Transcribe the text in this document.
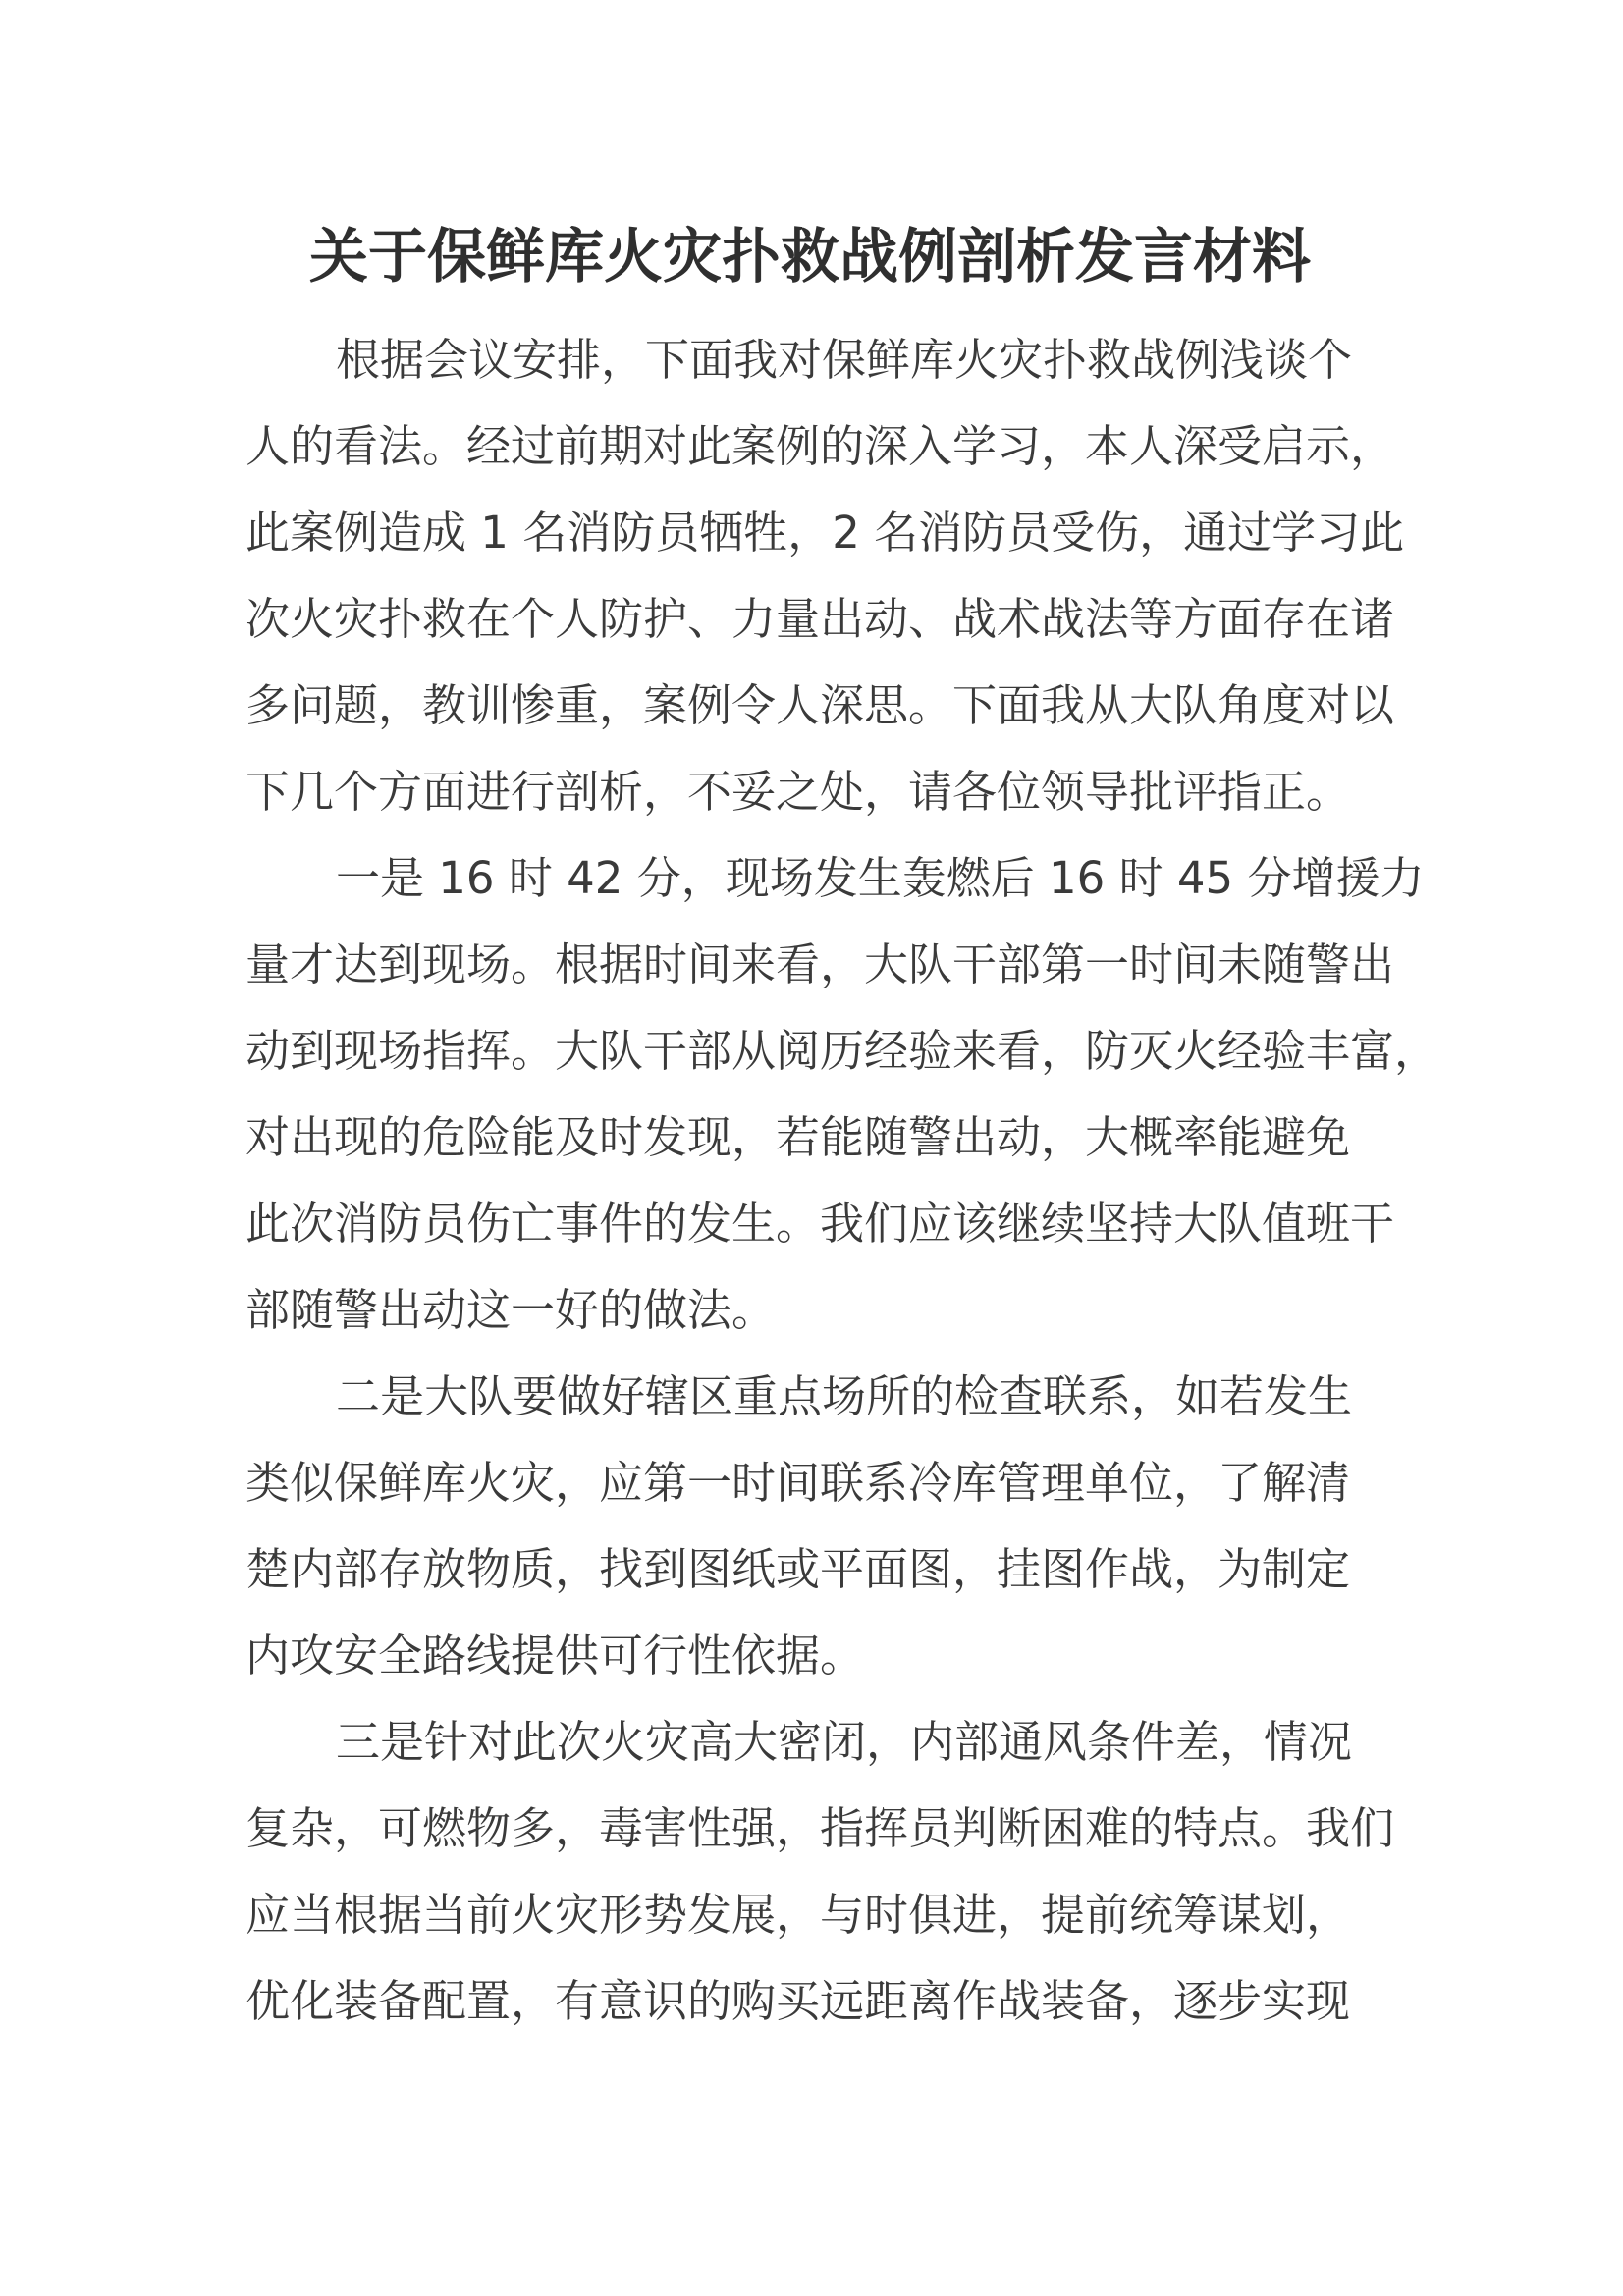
关于保鲜库火灾扑救战例剖析发言材料
根据会议安排，下面我对保鲜库火灾扑救战例浅谈个
人的看法。经过前期对此案例的深入学习，本人深受启示，
此案例造成 1 名消防员牺牲，2 名消防员受伤，通过学习此
次火灾扑救在个人防护、力量出动、战术战法等方面存在诸
多问题，教训惨重，案例令人深思。下面我从大队角度对以
下几个方面进行剖析，不妥之处，请各位领导批评指正。
一是 16 时 42 分，现场发生轰燃后 16 时 45 分增援力
量才达到现场。根据时间来看，大队干部第一时间未随警出
动到现场指挥。大队干部从阅历经验来看，防灭火经验丰富，
对出现的危险能及时发现，若能随警出动，大概率能避免
此次消防员伤亡事件的发生。我们应该继续坚持大队值班干
部随警出动这一好的做法。
二是大队要做好辖区重点场所的检查联系，如若发生
类似保鲜库火灾，应第一时间联系冷库管理单位，了解清
楚内部存放物质，找到图纸或平面图，挂图作战，为制定
内攻安全路线提供可行性依据。
三是针对此次火灾高大密闭，内部通风条件差，情况
复杂，可燃物多，毒害性强，指挥员判断困难的特点。我们
应当根据当前火灾形势发展，与时俱进，提前统筹谋划，
优化装备配置，有意识的购买远距离作战装备，逐步实现
